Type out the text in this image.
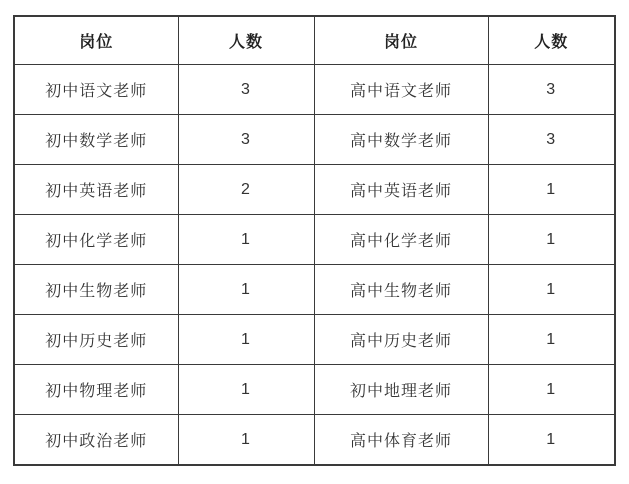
岗位	人数	岗位	人数
初中语文老师	3	高中语文老师	3
初中数学老师	3	高中数学老师	3
初中英语老师	2	高中英语老师	1
初中化学老师	1	高中化学老师	1
初中生物老师	1	高中生物老师	1
初中历史老师	1	高中历史老师	1
初中物理老师	1	初中地理老师	1
初中政治老师	1	高中体育老师	1
